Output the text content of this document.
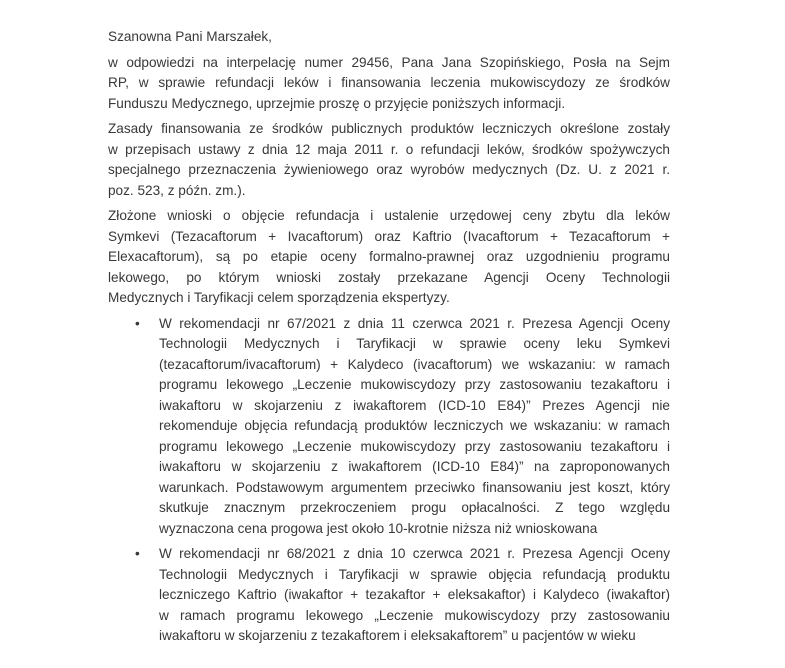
Szanowna Pani Marszałek,
w odpowiedzi na interpelację numer 29456, Pana Jana Szopińskiego, Posła na Sejm
RP, w sprawie refundacji leków i finansowania leczenia mukowiscydozy ze środków
Funduszu Medycznego, uprzejmie proszę o przyjęcie poniższych informacji.
Zasady finansowania ze środków publicznych produktów leczniczych określone zostały
w przepisach ustawy z dnia 12 maja 2011 r. o refundacji leków, środków spożywczych
specjalnego przeznaczenia żywieniowego oraz wyrobów medycznych (Dz. U. z 2021 r.
poz. 523, z późn. zm.).
Złożone wnioski o objęcie refundacja i ustalenie urzędowej ceny zbytu dla leków
Symkevi (Tezacaftorum + Ivacaftorum) oraz Kaftrio (Ivacaftorum + Tezacaftorum +
Elexacaftorum), są po etapie oceny formalno-prawnej oraz uzgodnieniu programu
lekowego, po którym wnioski zostały przekazane Agencji Oceny Technologii
Medycznych i Taryfikacji celem sporządzenia ekspertyzy.
• W rekomendacji nr 67/2021 z dnia 11 czerwca 2021 r. Prezesa Agencji Oceny
Technologii Medycznych i Taryfikacji w sprawie oceny leku Symkevi
(tezacaftorum/ivacaftorum) + Kalydeco (ivacaftorum) we wskazaniu: w ramach
programu lekowego „Leczenie mukowiscydozy przy zastosowaniu tezakaftoru i
iwakaftoru w skojarzeniu z iwakaftorem (ICD-10 E84)” Prezes Agencji nie
rekomenduje objęcia refundacją produktów leczniczych we wskazaniu: w ramach
programu lekowego „Leczenie mukowiscydozy przy zastosowaniu tezakaftoru i
iwakaftoru w skojarzeniu z iwakaftorem (ICD-10 E84)” na zaproponowanych
warunkach. Podstawowym argumentem przeciwko finansowaniu jest koszt, który
skutkuje znacznym przekroczeniem progu opłacalności. Z tego względu
wyznaczona cena progowa jest około 10-krotnie niższa niż wnioskowana
• W rekomendacji nr 68/2021 z dnia 10 czerwca 2021 r. Prezesa Agencji Oceny
Technologii Medycznych i Taryfikacji w sprawie objęcia refundacją produktu
leczniczego Kaftrio (iwakaftor + tezakaftor + eleksakaftor) i Kalydeco (iwakaftor)
w ramach programu lekowego „Leczenie mukowiscydozy przy zastosowaniu
iwakaftoru w skojarzeniu z tezakaftorem i eleksakaftorem” u pacjentów w wieku
